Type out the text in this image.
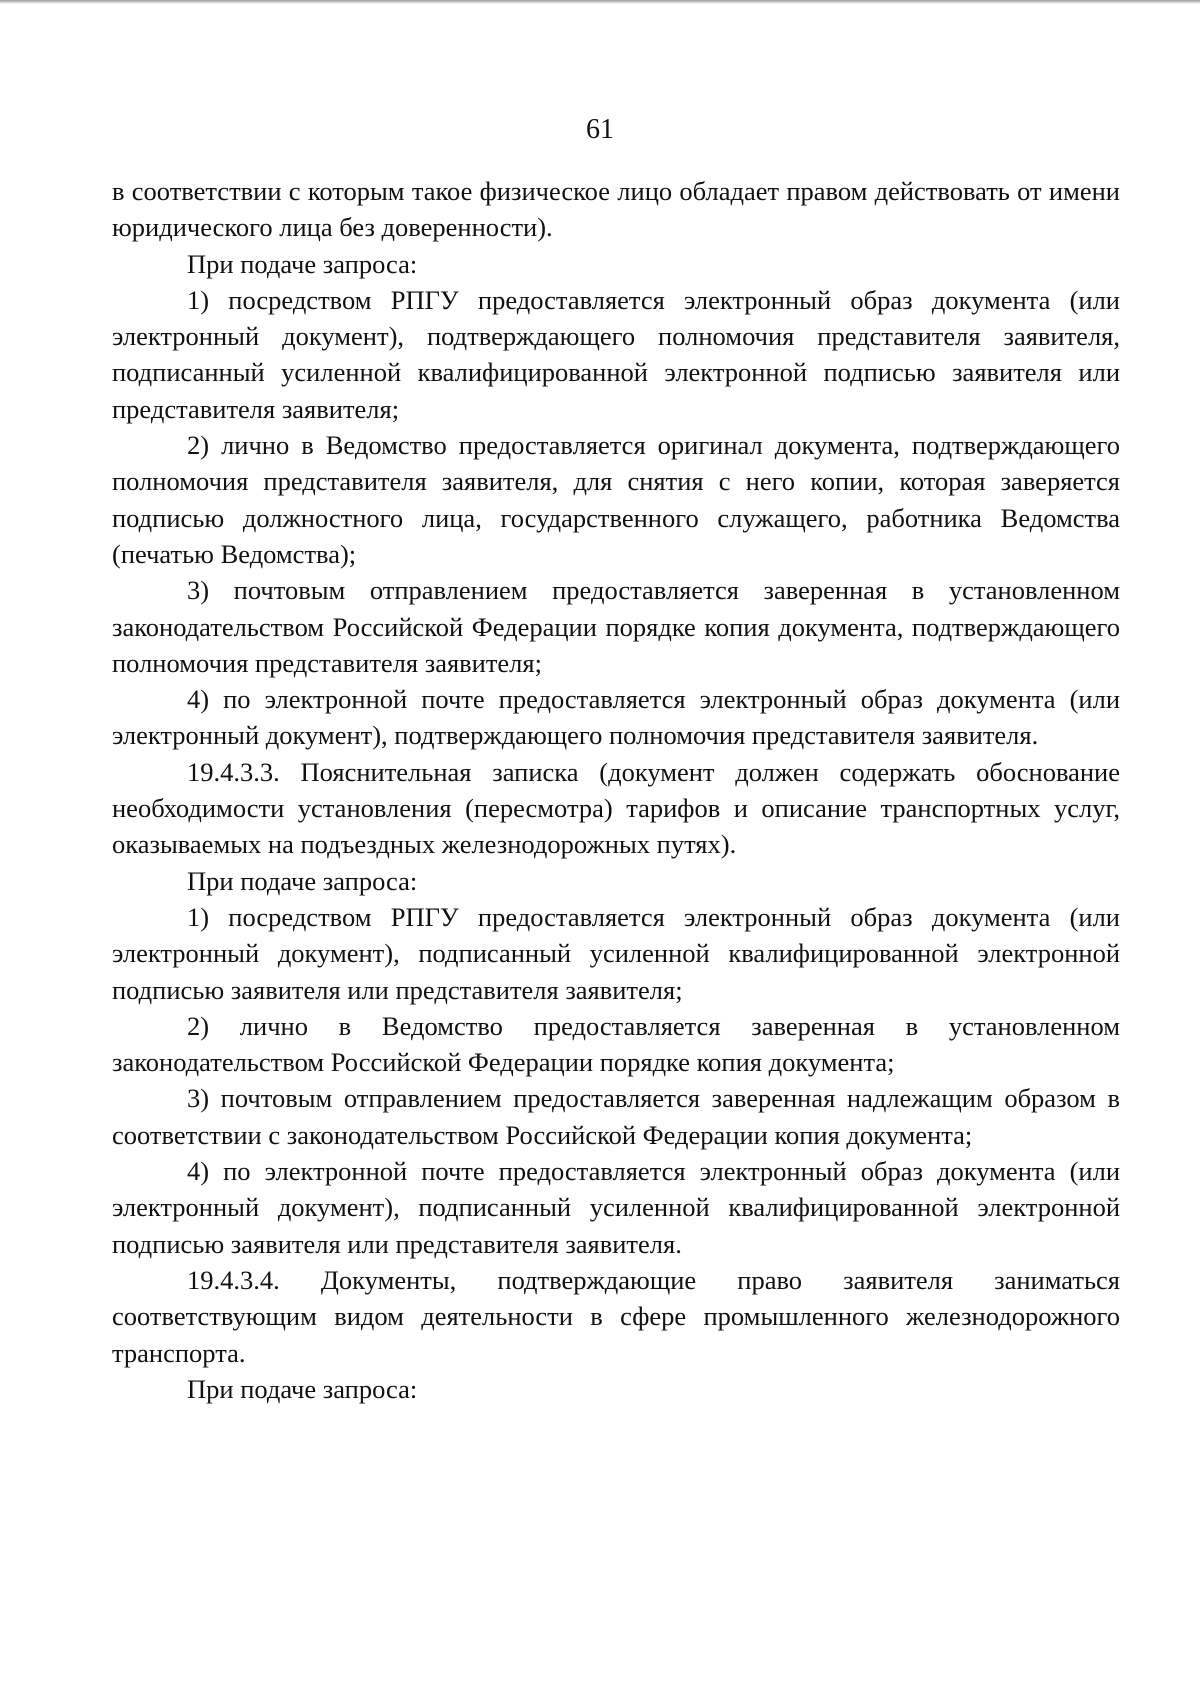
61

в соответствии с которым такое физическое лицо обладает правом действовать от имени юридического лица без доверенности).

При подаче запроса:

1) посредством РПГУ предоставляется электронный образ документа (или электронный документ), подтверждающего полномочия представителя заявителя, подписанный усиленной квалифицированной электронной подписью заявителя или представителя заявителя;

2) лично в Ведомство предоставляется оригинал документа, подтверждающего полномочия представителя заявителя, для снятия с него копии, которая заверяется подписью должностного лица, государственного служащего, работника Ведомства (печатью Ведомства);

3) почтовым отправлением предоставляется заверенная в установленном законодательством Российской Федерации порядке копия документа, подтверждающего полномочия представителя заявителя;

4) по электронной почте предоставляется электронный образ документа (или электронный документ), подтверждающего полномочия представителя заявителя.

19.4.3.3. Пояснительная записка (документ должен содержать обоснование необходимости установления (пересмотра) тарифов и описание транспортных услуг, оказываемых на подъездных железнодорожных путях).

При подаче запроса:

1) посредством РПГУ предоставляется электронный образ документа (или электронный документ), подписанный усиленной квалифицированной электронной подписью заявителя или представителя заявителя;

2) лично в Ведомство предоставляется заверенная в установленном законодательством Российской Федерации порядке копия документа;

3) почтовым отправлением предоставляется заверенная надлежащим образом в соответствии с законодательством Российской Федерации копия документа;

4) по электронной почте предоставляется электронный образ документа (или электронный документ), подписанный усиленной квалифицированной электронной подписью заявителя или представителя заявителя.

19.4.3.4. Документы, подтверждающие право заявителя заниматься соответствующим видом деятельности в сфере промышленного железнодорожного транспорта.

При подаче запроса:
